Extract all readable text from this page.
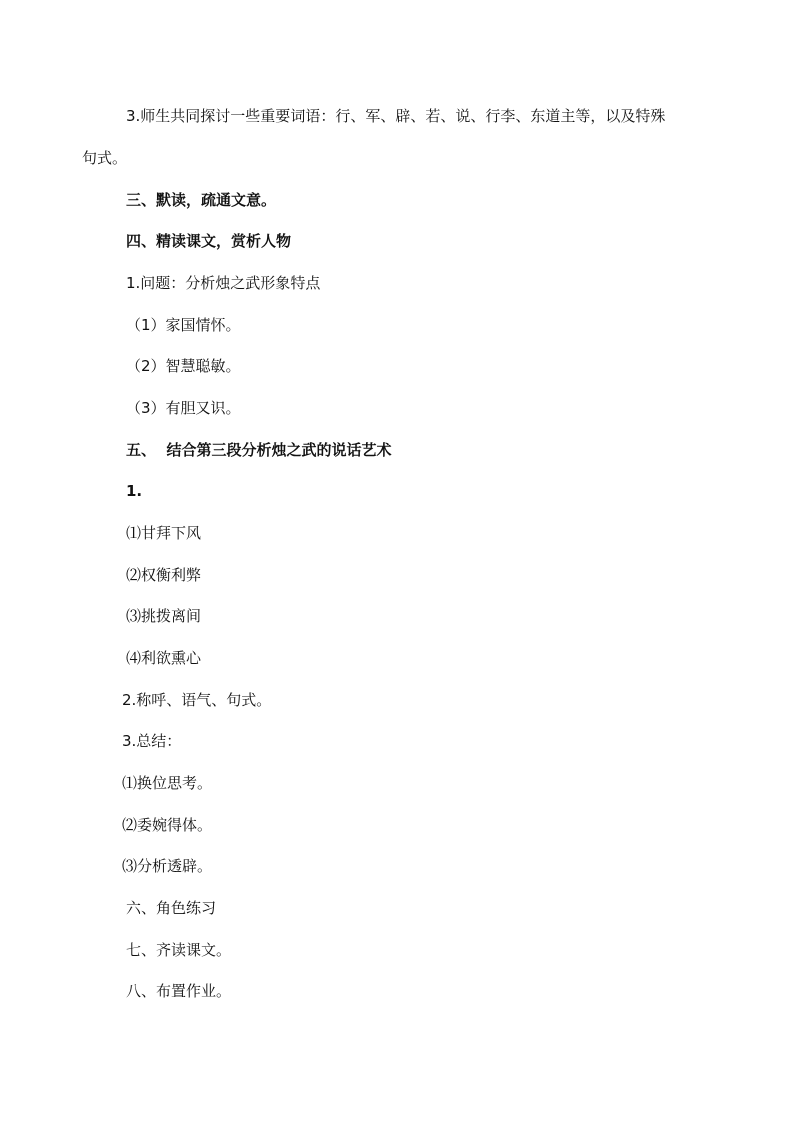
3.师生共同探讨一些重要词语：行、军、辟、若、说、行李、东道主等，以及特殊
句式。
三、默读，疏通文意。
四、精读课文，赏析人物
1.问题：分析烛之武形象特点
（1）家国情怀。
（2）智慧聪敏。
（3）有胆又识。
五、  结合第三段分析烛之武的说话艺术
1.
⑴甘拜下风
⑵权衡利弊
⑶挑拨离间
⑷利欲熏心
2.称呼、语气、句式。
3.总结：
⑴换位思考。
⑵委婉得体。
⑶分析透辟。
六、角色练习
七、齐读课文。
八、布置作业。
